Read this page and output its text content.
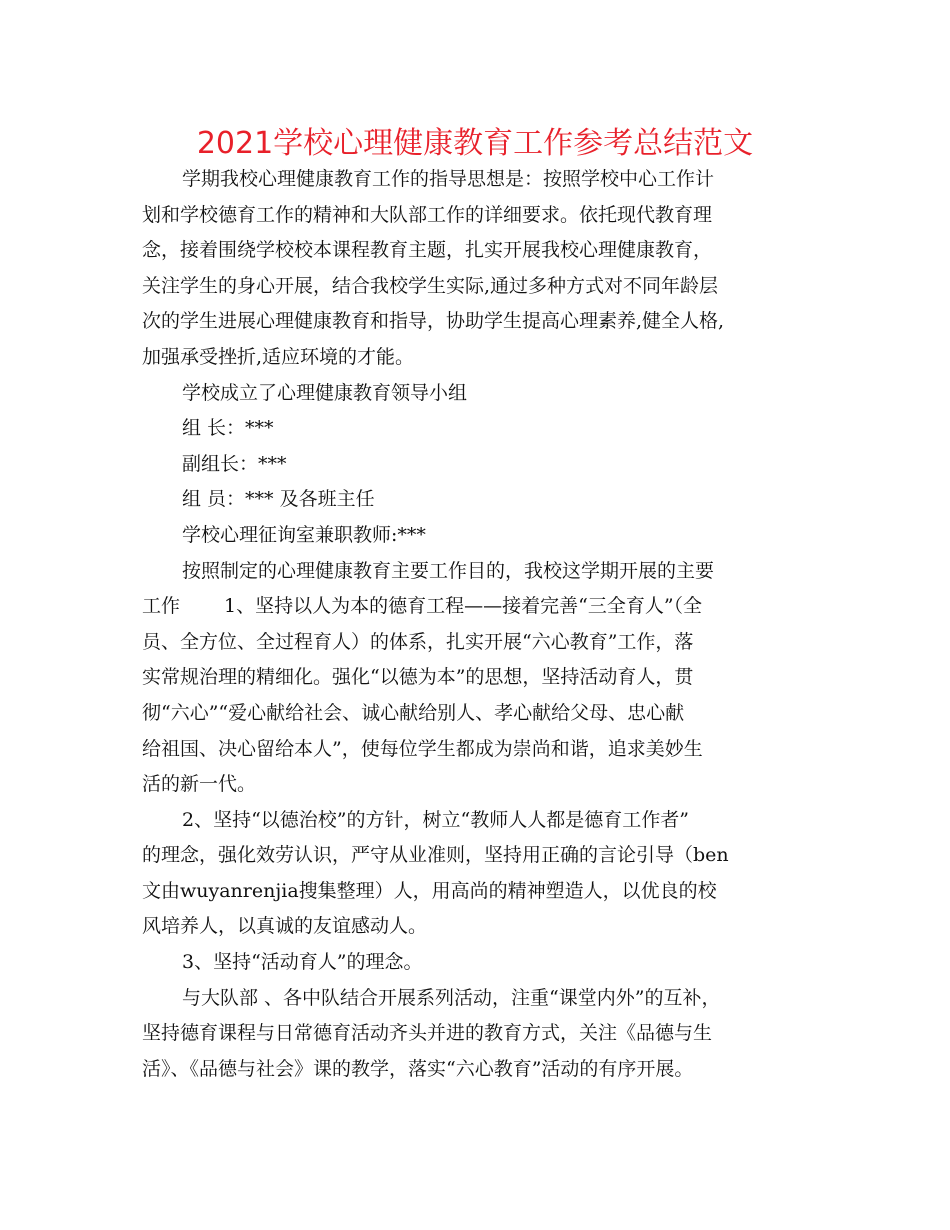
2021学校心理健康教育工作参考总结范文
学期我校心理健康教育工作的指导思想是：按照学校中心工作计
划和学校德育工作的精神和大队部工作的详细要求。依托现代教育理
念，接着围绕学校校本课程教育主题，扎实开展我校心理健康教育，
关注学生的身心开展，结合我校学生实际,通过多种方式对不同年龄层
次的学生进展心理健康教育和指导，协助学生提高心理素养,健全人格,
加强承受挫折,适应环境的才能。
学校成立了心理健康教育领导小组
组 长：***
副组长：***
组 员：*** 及各班主任
学校心理征询室兼职教师:***
按照制定的心理健康教育主要工作目的，我校这学期开展的主要
工作 1、坚持以人为本的德育工程——接着完善“三全育人”（全
员、全方位、全过程育人）的体系，扎实开展“六心教育”工作，落
实常规治理的精细化。强化“以德为本”的思想，坚持活动育人，贯
彻“六心”“爱心献给社会、诚心献给别人、孝心献给父母、忠心献
给祖国、决心留给本人”，使每位学生都成为崇尚和谐，追求美妙生
活的新一代。
2、坚持“以德治校”的方针，树立“教师人人都是德育工作者”
的理念，强化效劳认识，严守从业准则，坚持用正确的言论引导（ben
文由wuyanrenjia搜集整理）人，用高尚的精神塑造人，以优良的校
风培养人，以真诚的友谊感动人。
3、坚持“活动育人”的理念。
与大队部 、各中队结合开展系列活动，注重“课堂内外”的互补，
坚持德育课程与日常德育活动齐头并进的教育方式，关注《品德与生
活》、《品德与社会》课的教学，落实“六心教育”活动的有序开展。
